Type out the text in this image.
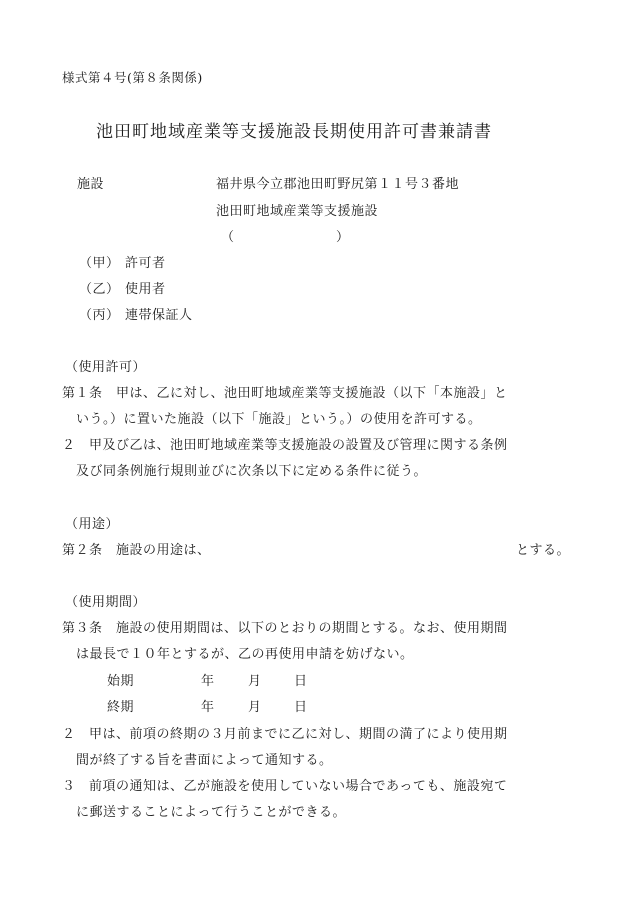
様式第４号(第８条関係)
池田町地域産業等支援施設長期使用許可書兼請書
施設	福井県今立郡池田町野尻第１１号３番地
池田町地域産業等支援施設
（	）
（甲） 許可者
（乙） 使用者
（丙） 連帯保証人
（使用許可）
第１条　甲は、乙に対し、池田町地域産業等支援施設（以下「本施設」と
いう。）に置いた施設（以下「施設」という。）の使用を許可する。
２　甲及び乙は、池田町地域産業等支援施設の設置及び管理に関する条例
及び同条例施行規則並びに次条以下に定める条件に従う。
（用途）
第２条　施設の用途は、	とする。
（使用期間）
第３条　施設の使用期間は、以下のとおりの期間とする。なお、使用期間
は最長で１０年とするが、乙の再使用申請を妨げない。
始期	年	月 日
終期	年	月 日
２　甲は、前項の終期の３月前までに乙に対し、期間の満了により使用期
間が終了する旨を書面によって通知する。
３　前項の通知は、乙が施設を使用していない場合であっても、施設宛て
に郵送することによって行うことができる。
